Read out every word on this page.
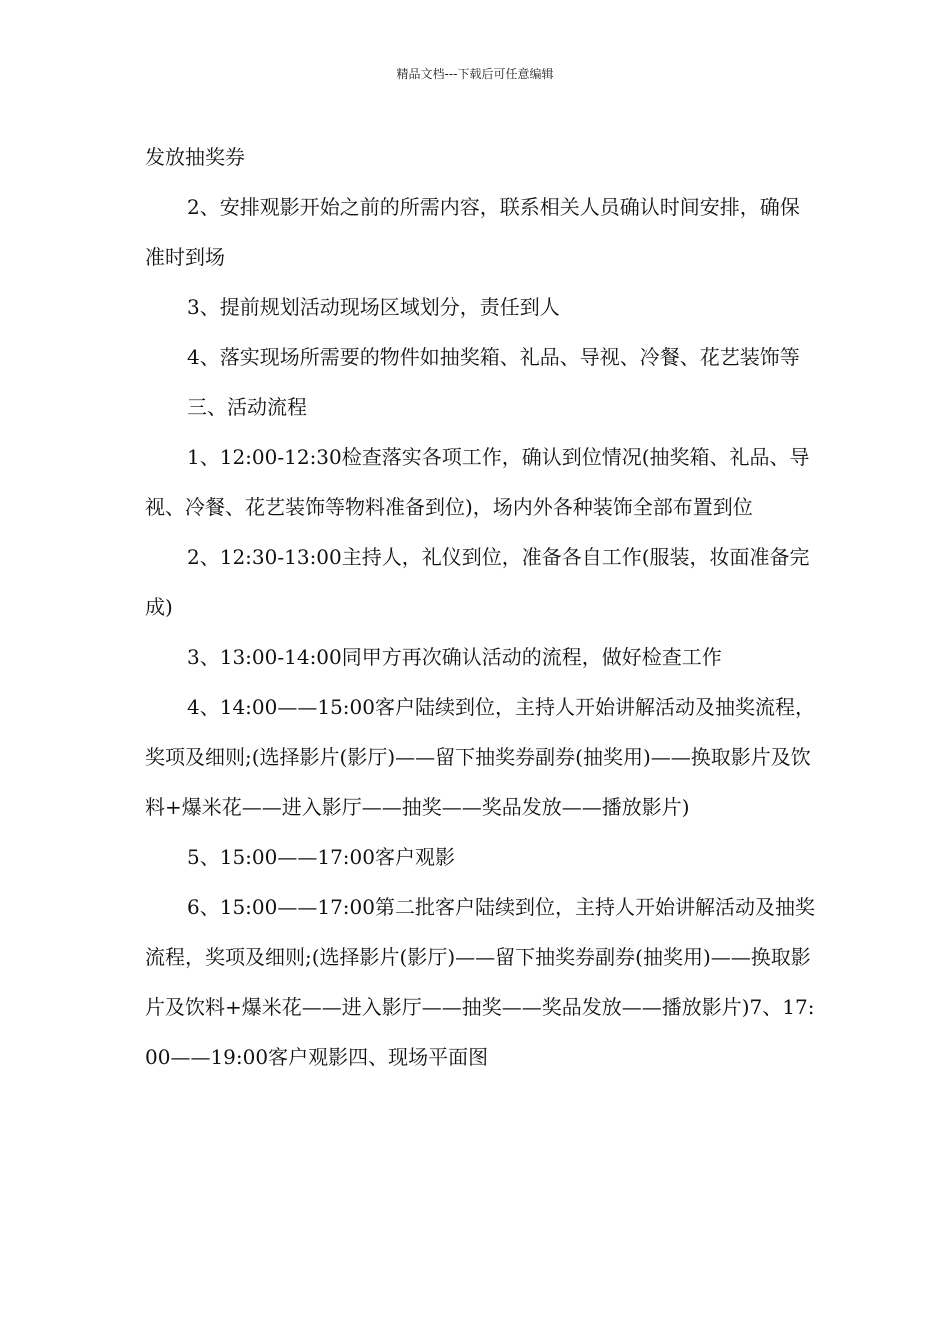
精品文档---下载后可任意编辑

发放抽奖券

2、安排观影开始之前的所需内容，联系相关人员确认时间安排，确保准时到场

3、提前规划活动现场区域划分，责任到人

4、落实现场所需要的物件如抽奖箱、礼品、导视、冷餐、花艺装饰等

三、活动流程

1、12:00-12:30检查落实各项工作，确认到位情况(抽奖箱、礼品、导视、冷餐、花艺装饰等物料准备到位)，场内外各种装饰全部布置到位

2、12:30-13:00主持人，礼仪到位，准备各自工作(服装，妆面准备完成)

3、13:00-14:00同甲方再次确认活动的流程，做好检查工作

4、14:00——15:00客户陆续到位，主持人开始讲解活动及抽奖流程，奖项及细则;(选择影片(影厅)——留下抽奖券副券(抽奖用)——换取影片及饮料+爆米花——进入影厅——抽奖——奖品发放——播放影片)

5、15:00——17:00客户观影

6、15:00——17:00第二批客户陆续到位，主持人开始讲解活动及抽奖流程，奖项及细则;(选择影片(影厅)——留下抽奖券副券(抽奖用)——换取影片及饮料+爆米花——进入影厅——抽奖——奖品发放——播放影片)7、17:00——19:00客户观影四、现场平面图
